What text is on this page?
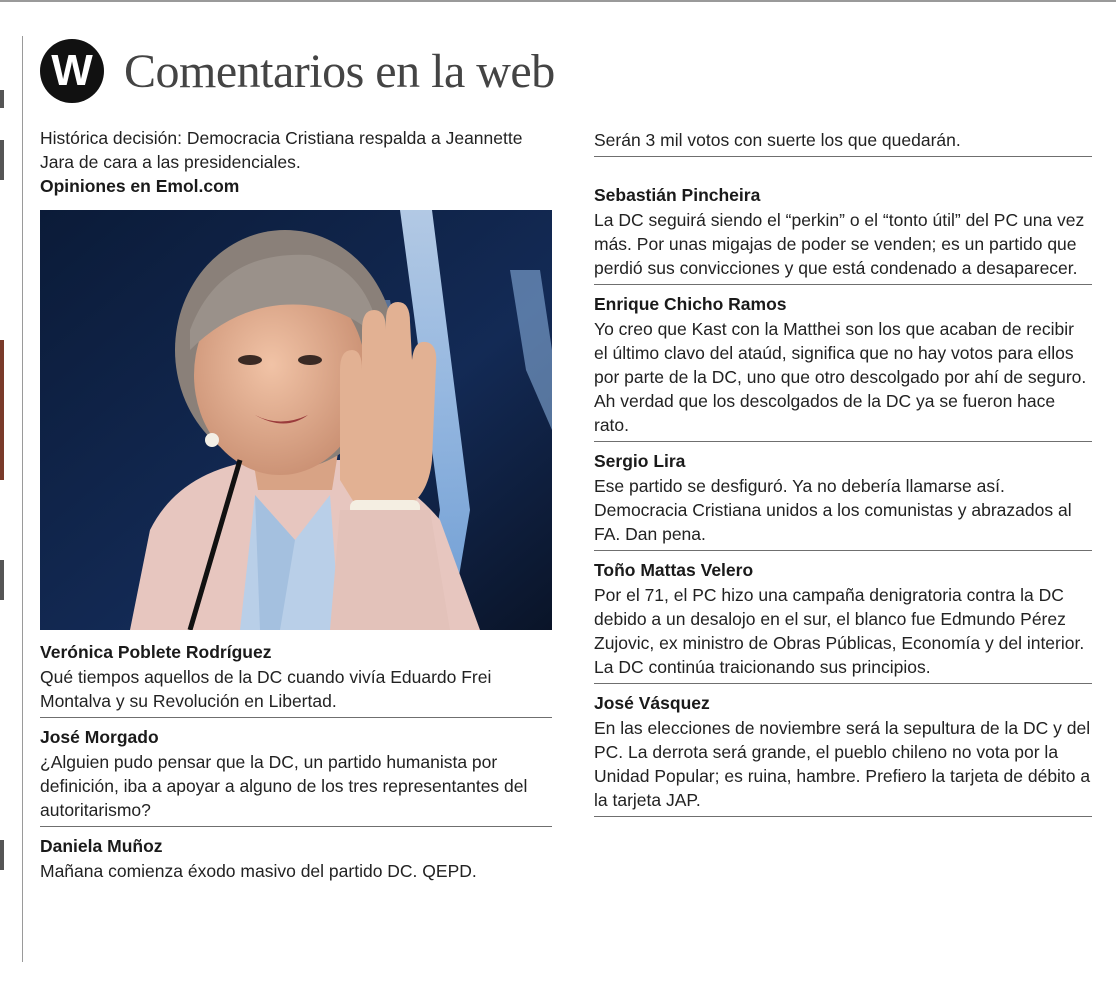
W Comentarios en la web
Histórica decisión: Democracia Cristiana respalda a Jeannette Jara de cara a las presidenciales.
Opiniones en Emol.com
Verónica Poblete Rodríguez
Qué tiempos aquellos de la DC cuando vivía Eduardo Frei Montalva y su Revolución en Libertad.
José Morgado
¿Alguien pudo pensar que la DC, un partido humanista por definición, iba a apoyar a alguno de los tres representantes del autoritarismo?
Daniela Muñoz
Mañana comienza éxodo masivo del partido DC. QEPD.
Serán 3 mil votos con suerte los que quedarán.
Sebastián Pincheira
La DC seguirá siendo el “perkin” o el “tonto útil” del PC una vez más. Por unas migajas de poder se venden; es un partido que perdió sus convicciones y que está condenado a desaparecer.
Enrique Chicho Ramos
Yo creo que Kast con la Matthei son los que acaban de recibir el último clavo del ataúd, significa que no hay votos para ellos por parte de la DC, uno que otro descolgado por ahí de seguro. Ah verdad que los descolgados de la DC ya se fueron hace rato.
Sergio Lira
Ese partido se desfiguró. Ya no debería llamarse así. Democracia Cristiana unidos a los comunistas y abrazados al FA. Dan pena.
Toño Mattas Velero
Por el 71, el PC hizo una campaña denigratoria contra la DC debido a un desalojo en el sur, el blanco fue Edmundo Pérez Zujovic, ex ministro de Obras Públicas, Economía y del interior. La DC continúa traicionando sus principios.
José Vásquez
En las elecciones de noviembre será la sepultura de la DC y del PC. La derrota será grande, el pueblo chileno no vota por la Unidad Popular; es ruina, hambre. Prefiero la tarjeta de débito a la tarjeta JAP.
